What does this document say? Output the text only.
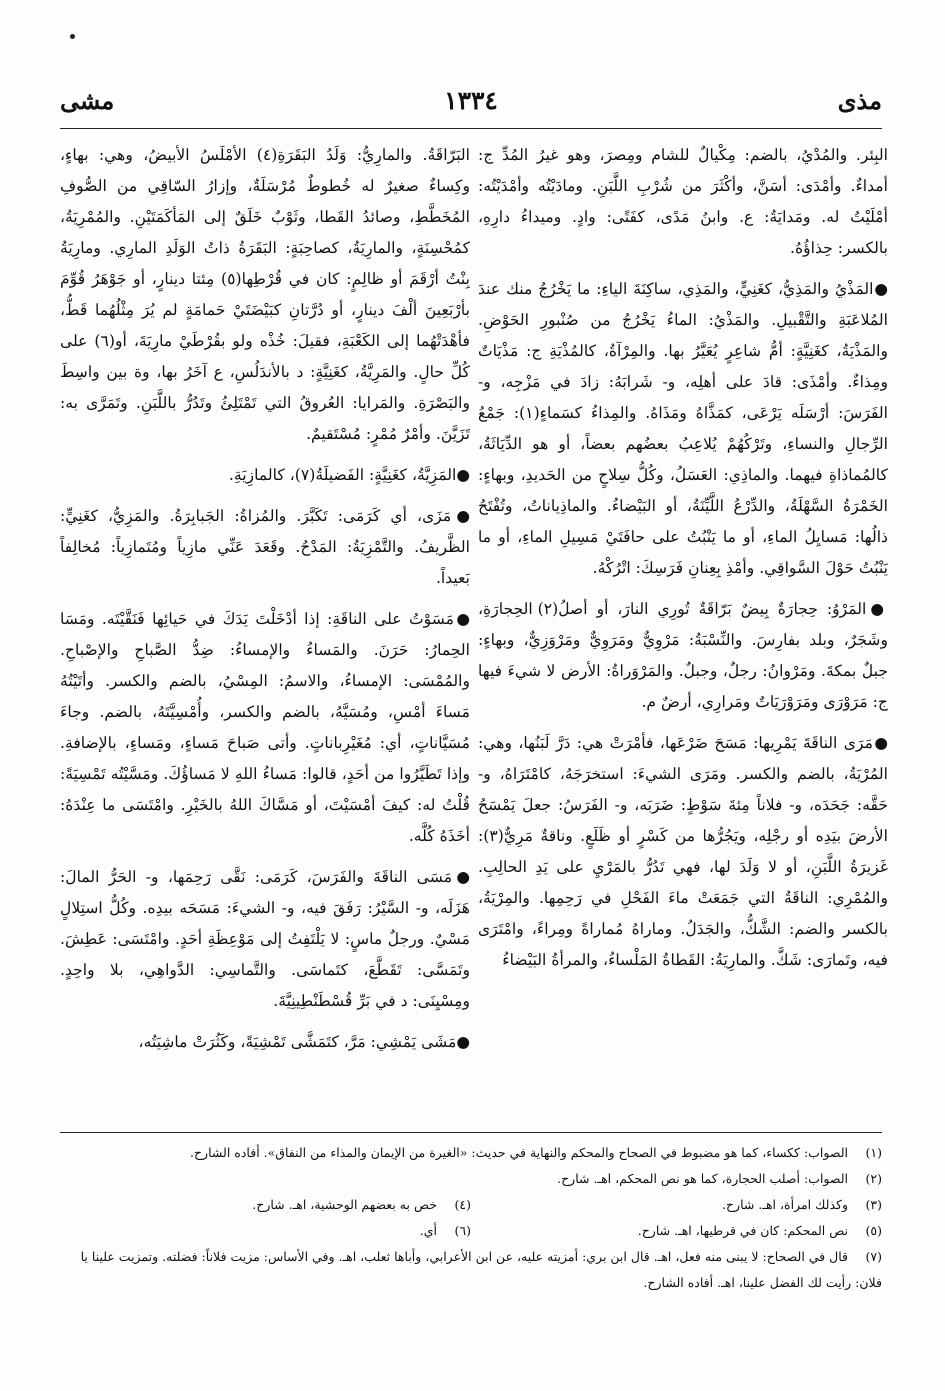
مذى
١٣٣٤
مشى

البِئر. والمُدْيُ، بالضم: مِكْيالٌ للشام ومِصرَ، وهو غيرُ المُدِّ ج: أمداءٌ. وأمْدَى: أسَنَّ، وأكْثَرَ من شُرْبِ اللَّبَنِ. ومادَيْتُه وأمْدَيْتُه: أمْلَيْتُ له. ومَدايَةُ: ع. وابنُ مَدًى، كفَتًى: وادٍ. وميداءُ دارِهِ، بالكسر: حِذاؤُهُ.

●المَذْيُ والمَذِيُّ، كغَنِيٍّ، والمَذِي، ساكِنَةَ الياءِ: ما يَخْرُجُ منك عندَ المُلاعَبَةِ والتَّقْبيلِ. والمَذْيُ: الماءُ يَخْرُجُ من صُنْبورِ الحَوْضِ. والمَذْيَةُ، كغَنِيَّةٍ: أمُّ شاعِرٍ يُعَيَّرُ بها. والمِرْآةُ، كالمُذْيَةِ ج: مَذْيَاتٌ ومِذاءٌ. وأمْذَى: قادَ على أهلِه، و- شَرابَهُ: زادَ في مَزْجِه، و- الفَرَسَ: أرْسَلَه يَرْعَى، كمَذَّاهُ ومَذَاهُ. والمِذاءُ كسَماءٍ(١): جَمْعُ الرِّجالِ والنساءِ، وتَرْكُهُمْ يُلاعِبُ بعضُهم بعضاً، أو هو الدِّيَاثَةُ، كالمُماذاةِ فيهما. والماذِي: العَسَلُ، وكُلُّ سِلاحٍ من الحَديدِ، وبهاءٍ: الخَمْرَةُ السَّهْلَةُ، والدِّرْعُ اللَّيِّنَةُ، أو البَيْضاءُ. والماذِياناتُ، وتُفْتَحُ ذالُها: مَسايِلُ الماءِ، أو ما يَنْبُتُ على حافَتَيْ مَسِيلِ الماءِ، أو ما يَنْبُتُ حَوْلَ السَّواقِي. وأمْذِ بِعِنانِ فَرَسِكَ: اتْرُكْهُ.

●المَرْوُ: حِجارَةٌ بِيضٌ بَرّاقَةٌ تُورِي النارَ، أو أصلُ(٢) الحِجارَةِ، وشَجَرٌ، وبلد بفارِسَ. والنِّسْبَةُ: مَرْوِيٌّ ومَرَوِيٌّ ومَرْوَزِيٌّ، وبهاءٍ: جبلٌ بمكةَ. ومَرْوانُ: رجلٌ، وجبلٌ. والمَرْوَراةُ: الأرض لا شيءَ فيها ج: مَرَوْرَى ومَرَوْرَيَاتٌ ومَرارِي، أرضٌ م.

●مَرَى الناقَةَ يَمْرِيها: مَسَحَ ضَرْعَها، فأمْرَتْ هي: دَرَّ لَبَنُها، وهي: المُرْيَةُ، بالضم والكسر. ومَرَى الشيءَ: استخرَجَهُ، كامْتَرَاهُ، و- حَقَّه: جَحَدَه، و- فلاناً مِئةَ سَوْطٍ: ضَرَبَه، و- الفَرَسُ: جعلَ يَمْسَحُ الأرضَ بيَدِه أو رجْلِه، ويَجُرُّها من كَسْرٍ أو ظَلَعٍ. وناقةٌ مَرِيٌّ(٣): غَزيرَةُ اللَّبَنِ، أو لا وَلَدَ لها، فهي تَدُرُّ بالمَرْيِ على يَدِ الحالِبِ. والمُمْرِي: الناقَةُ التي جَمَعَتْ ماءَ الفَحْلِ في رَحِمِها. والمِرْيَةُ، بالكسر والضم: الشَّكُّ، والجَدَلُ. وماراهُ مُماراةً ومِراءً، وامْتَرَى فيه، وتَمارَى: شَكَّ. والمارِيَةُ: القَطاةُ المَلْساءُ، والمرأةُ البَيْضاءُ

البَرّاقَةُ. والمارِيُّ: وَلَدُ البَقَرَةِ(٤) الأمْلَسُ الأبيضُ، وهي: بهاءٍ، وكِساءٌ صغيرٌ له خُطوطٌ مُرْسَلَةٌ، وإزارُ السّاقِي من الصُّوفِ المُخَطَّطِ، وصائدُ القَطا، وثَوْبٌ خَلَقٌ إلى المَأكَمَتَيْنِ. والمُمْرِيَةُ، كمُحْسِنَةٍ، والمارِيَةُ، كصاحِبَةٍ: البَقَرَةُ ذاتُ الوَلَدِ المارِي. ومارِيَةُ بِنْتُ أرْقَمَ أو ظالِمٍ: كان في قُرْطِها(٥) مِئتا دينارٍ، أو جَوْهَرُ قُوِّمَ بأرْبَعِينَ ألْفَ دينارٍ، أو دُرَّتانِ كبَيْضَتَيْ حَمامَةٍ لم يُرَ مِثْلُهُما قَطُّ، فأهْدَتْهُما إلى الكَعْبَةِ، فقيلَ: خُذْه ولو بقُرْطَيْ مارِيَةَ، أو(٦) على كُلِّ حالٍ. والمَرِيَّةُ، كغَنِيَّةٍ: د بالأندَلُسِ، ع آخَرُ بها، وة بين واسِطَ والبَصْرَةِ. والمَرايا: العُروقُ التي تَمْتَلِئُ وتَدُرُّ باللَّبَنِ. وتَمَرَّى به: تَزَيَّنَ. وأمْرٌ مُمْرٍ: مُسْتَقيمٌ.

●المَزِيَّةُ، كغَنِيَّةٍ: الفَضيلَةُ(٧)، كالمازِيَةِ.

●مَزَى، أي كَرَمَى: تَكَبَّرَ. والمُزاةُ: الجَبابِرَةُ. والمَزِيُّ، كغَنِيٍّ: الظَّريفُ. والتَّمْزِيَةُ: المَدْحُ. وقَعَدَ عَنِّي مازِياً ومُتَمازِياً: مُخالِفاً بَعيداً.

●مَسَوْتُ على الناقَةِ: إذا أدْخَلْتَ يَدَكَ في حَيائِها فَنَقَّيْتَه. ومَسَا الحِمارُ: حَرَنَ. والمَساءُ والإمساءُ: ضِدُّ الصَّباحِ والإصْباحِ. والمُمْسَى: الإمساءُ، والاسمُ: المِسْيُ، بالضم والكسر. وأتَيْتُهُ مَساءَ أمْسِ، ومُسَيَّهُ، بالضم والكسر، وأُمْسِيَّتَهُ، بالضم. وجاءَ مُسَيَّاناتٍ، أي: مُغَيْرِباناتٍ. وأتى صَباحَ مَساءٍ، ومَساءٍ، بالإضافةِ. وإذا تَطَيَّرُوا من أحَدٍ، قالوا: مَساءُ اللهِ لا مَساؤُكَ. ومَسَّيْتُه تَمْسِيَةً: قُلْتُ له: كيفَ أمْسَيْتَ، أو مَسَّاكَ اللهُ بالخَيْرِ. وامْتَسَى ما عِنْدَهُ: أخَذَهُ كُلَّه.

●مَسَى الناقَةَ والفَرَسَ، كَرَمَى: نَقَّى رَحِمَها، و- الحَرُّ المالَ: هَزَلَه، و- السَّيْرُ: رَفَقَ فيه، و- الشيءَ: مَسَحَه بيدِه. وكُلُّ استِلالٍ مَسْيٌ. ورجلٌ ماسٍ: لا يَلْتَفِتُ إلى مَوْعِظَةِ أحَدٍ. وامْتَسَى: عَطِشَ. وتَمَسَّى: تَقَطَّعَ، كتَماسَى. والتَّماسِي: الدَّواهِي، بلا واحِدٍ. ومِسْيِنَى: د في بَرِّ قُسْطَنْطِينِيَّةَ.

●مَشَى يَمْشِي: مَرَّ، كتَمَشَّى تَمْشِيَةً، وكَثُرَتْ ماشِيَتُه،

(١)الصواب: ككساء، كما هو مضبوط في الصحاح والمحكم والنهاية في حديث: «الغيرة من الإيمان والمذاء من النفاق». أفاده الشارح.
(٢)الصواب: أصلب الحجارة، كما هو نص المحكم، اهـ. شارح.
(٣)وكذلك امرأة، اهـ. شارح.
(٤)خص به بعضهم الوحشية، اهـ. شارح.
(٥)نص المحكم: كان في قرطيها، اهـ. شارح.
(٦)أي.
(٧)قال في الصحاح: لا يبنى منه فعل، اهـ. قال ابن بري: أمزيته عليه، عن ابن الأعرابي، وأباها ثعلب، اهـ. وفي الأساس: مزيت فلاناً: فضلته. وتمزيت علينا يا فلان: رأيت لك الفضل علينا، اهـ. أفاده الشارح.
